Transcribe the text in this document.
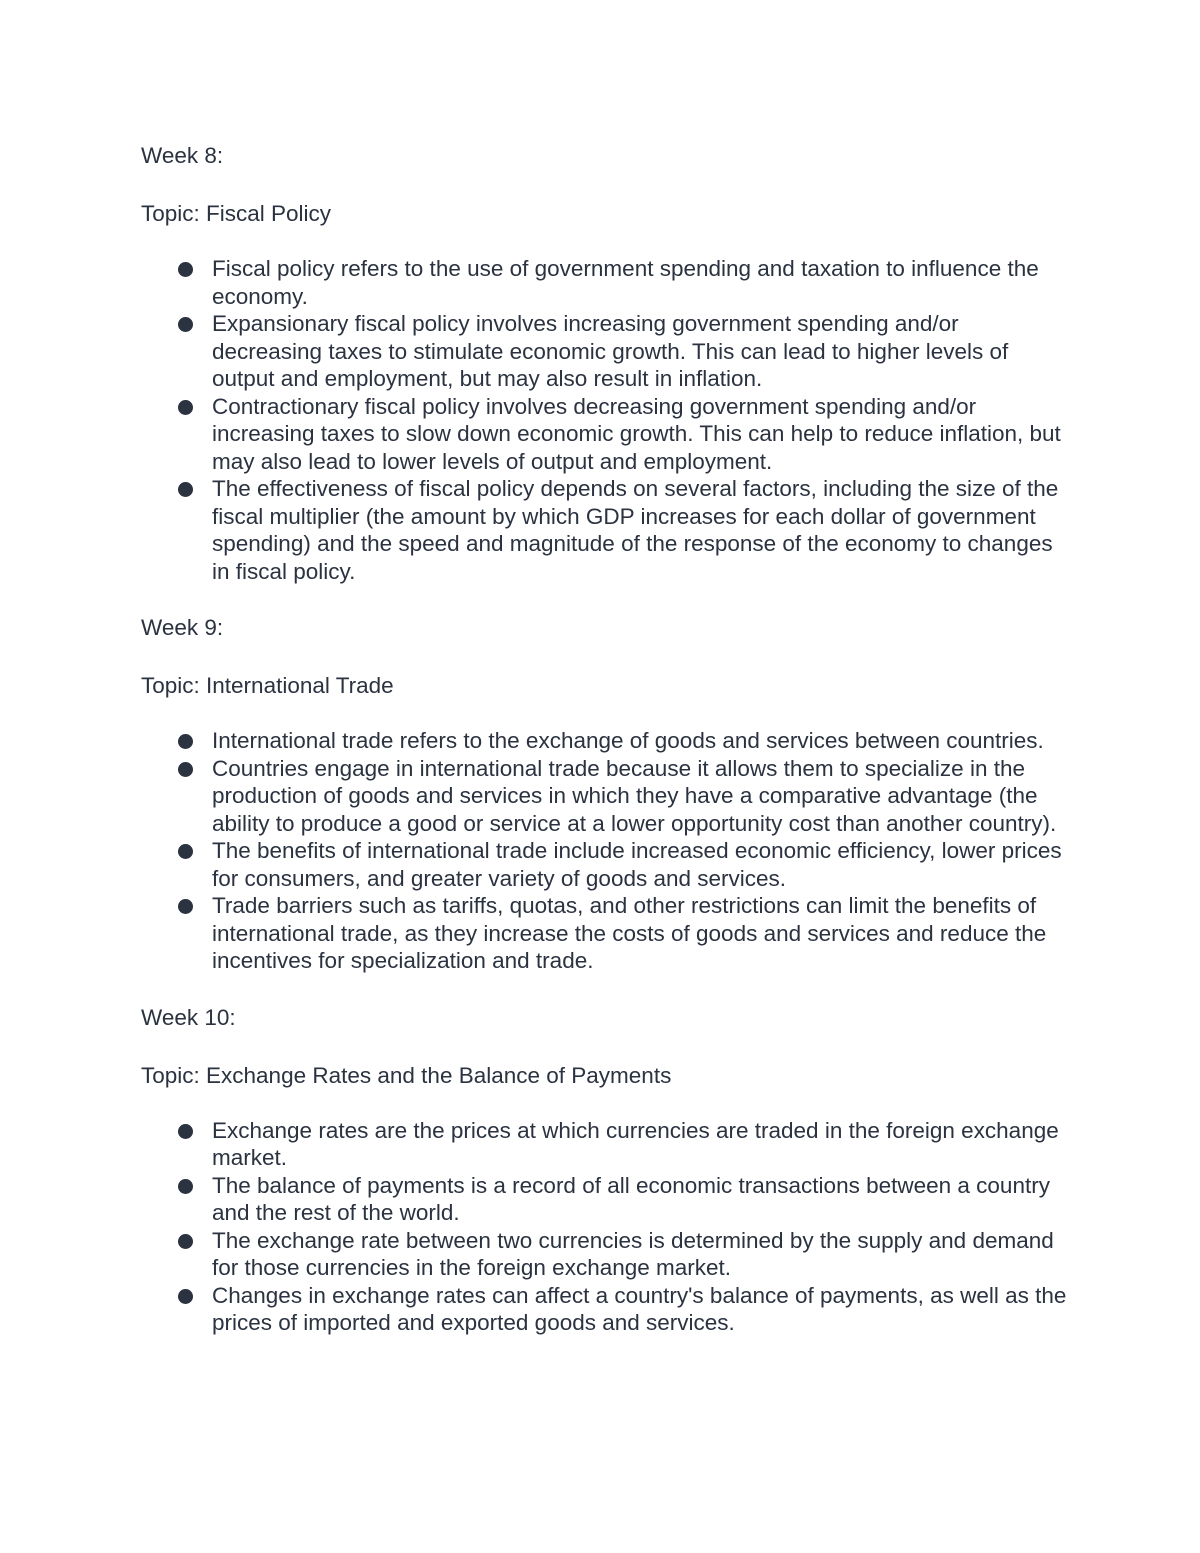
Week 8:

Topic: Fiscal Policy

Fiscal policy refers to the use of government spending and taxation to influence the economy.
Expansionary fiscal policy involves increasing government spending and/or decreasing taxes to stimulate economic growth. This can lead to higher levels of output and employment, but may also result in inflation.
Contractionary fiscal policy involves decreasing government spending and/or increasing taxes to slow down economic growth. This can help to reduce inflation, but may also lead to lower levels of output and employment.
The effectiveness of fiscal policy depends on several factors, including the size of the fiscal multiplier (the amount by which GDP increases for each dollar of government spending) and the speed and magnitude of the response of the economy to changes in fiscal policy.

Week 9:

Topic: International Trade

International trade refers to the exchange of goods and services between countries.
Countries engage in international trade because it allows them to specialize in the production of goods and services in which they have a comparative advantage (the ability to produce a good or service at a lower opportunity cost than another country).
The benefits of international trade include increased economic efficiency, lower prices for consumers, and greater variety of goods and services.
Trade barriers such as tariffs, quotas, and other restrictions can limit the benefits of international trade, as they increase the costs of goods and services and reduce the incentives for specialization and trade.

Week 10:

Topic: Exchange Rates and the Balance of Payments

Exchange rates are the prices at which currencies are traded in the foreign exchange market.
The balance of payments is a record of all economic transactions between a country and the rest of the world.
The exchange rate between two currencies is determined by the supply and demand for those currencies in the foreign exchange market.
Changes in exchange rates can affect a country's balance of payments, as well as the prices of imported and exported goods and services.
